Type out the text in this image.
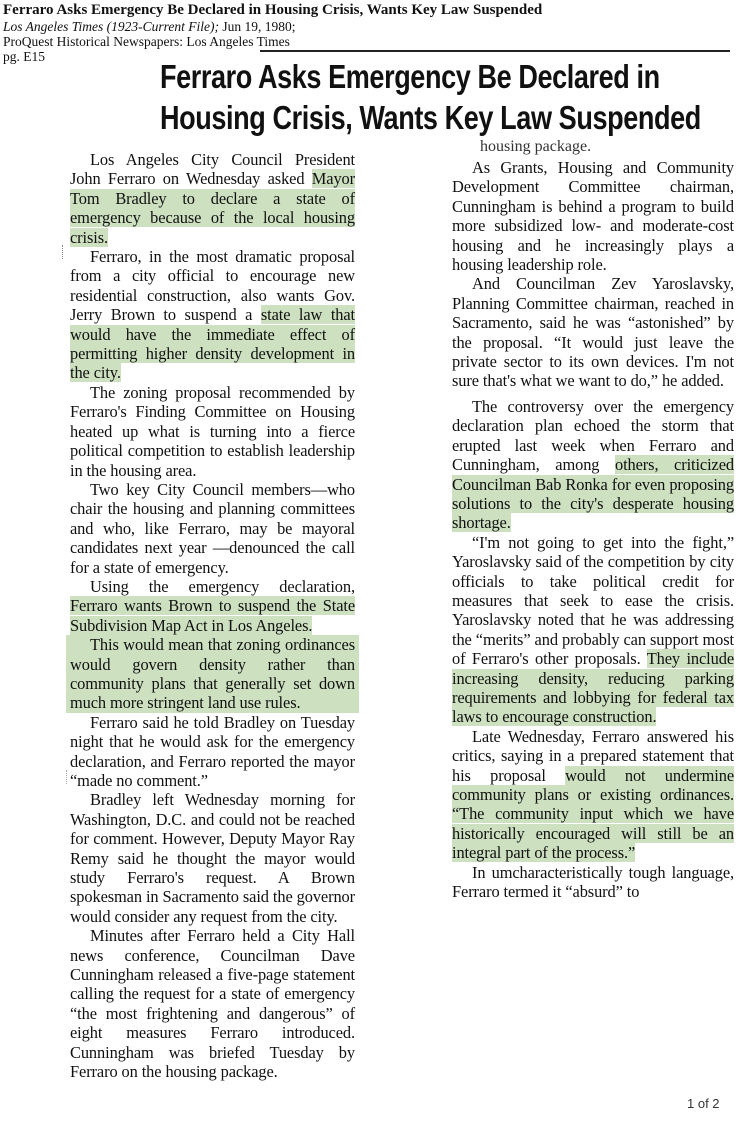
Ferraro Asks Emergency Be Declared in Housing Crisis, Wants Key Law Suspended
Los Angeles Times (1923-Current File); Jun 19, 1980;
ProQuest Historical Newspapers: Los Angeles Times
pg. E15
Ferraro Asks Emergency Be Declared in
Housing Crisis, Wants Key Law Suspended

Los Angeles City Council President John Ferraro on Wednesday asked Mayor Tom Bradley to declare a state of emergency because of the local housing crisis.

Ferraro, in the most dramatic proposal from a city official to encourage new residential construction, also wants Gov. Jerry Brown to suspend a state law that would have the immediate effect of permitting higher density development in the city.

The zoning proposal recommended by Ferraro's Finding Committee on Housing heated up what is turning into a fierce political competition to establish leadership in the housing area.

Two key City Council members—who chair the housing and planning committees and who, like Ferraro, may be mayoral candidates next year —denounced the call for a state of emergency.

Using the emergency declaration, Ferraro wants Brown to suspend the State Subdivision Map Act in Los Angeles.

This would mean that zoning ordinances would govern density rather than community plans that generally set down much more stringent land use rules.

Ferraro said he told Bradley on Tuesday night that he would ask for the emergency declaration, and Ferraro reported the mayor “made no comment.”

Bradley left Wednesday morning for Washington, D.C. and could not be reached for comment. However, Deputy Mayor Ray Remy said he thought the mayor would study Ferraro's request. A Brown spokesman in Sacramento said the governor would consider any request from the city.

Minutes after Ferraro held a City Hall news conference, Councilman Dave Cunningham released a five-page statement calling the request for a state of emergency “the most frightening and dangerous” of eight measures Ferraro introduced. Cunningham was briefed Tuesday by Ferraro on the housing package.

housing package.

As Grants, Housing and Community Development Committee chairman, Cunningham is behind a program to build more subsidized low- and moderate-cost housing and he increasingly plays a housing leadership role.

And Councilman Zev Yaroslavsky, Planning Committee chairman, reached in Sacramento, said he was “astonished” by the proposal. “It would just leave the private sector to its own devices. I'm not sure that's what we want to do,” he added.

The controversy over the emergency declaration plan echoed the storm that erupted last week when Ferraro and Cunningham, among others, criticized Councilman Bab Ronka for even proposing solutions to the city's desperate housing shortage.

“I'm not going to get into the fight,” Yaroslavsky said of the competition by city officials to take political credit for measures that seek to ease the crisis. Yaroslavsky noted that he was addressing the “merits” and probably can support most of Ferraro's other proposals. They include increasing density, reducing parking requirements and lobbying for federal tax laws to encourage construction.

Late Wednesday, Ferraro answered his critics, saying in a prepared statement that his proposal would not undermine community plans or existing ordinances. “The community input which we have historically encouraged will still be an integral part of the process.”

In umcharacteristically tough language, Ferraro termed it “absurd” to

1 of 2
